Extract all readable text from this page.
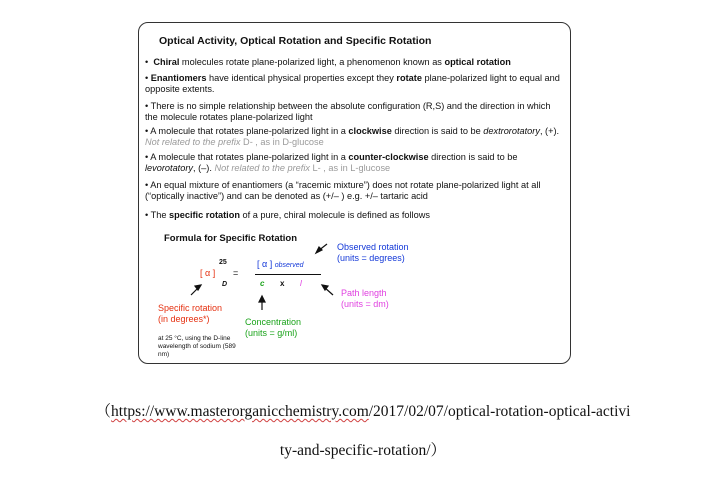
Optical Activity, Optical Rotation and Specific Rotation
• Chiral molecules rotate plane-polarized light, a phenomenon known as optical rotation
• Enantiomers have identical physical properties except they rotate plane-polarized light to equal and opposite extents.
• There is no simple relationship between the absolute configuration (R,S) and the direction in which the molecule rotates plane-polarized light
• A molecule that rotates plane-polarized light in a clockwise direction is said to be dextrorotatory, (+). Not related to the prefix D- , as in D-glucose
• A molecule that rotates plane-polarized light in a counter-clockwise direction is said to be levorotatory, (–). Not related to the prefix L- , as in L-glucose
• An equal mixture of enantiomers (a “racemic mixture”) does not rotate plane-polarized light at all (“optically inactive”) and can be denoted as (+/– ) e.g. +/– tartaric acid
• The specific rotation of a pure, chiral molecule is defined as follows
Formula for Specific Rotation
[ α ]
25
D
=
[ α ] observed
c x l
Observed rotation
(units = degrees)
Path length
(units = dm)
Concentration
(units = g/ml)
Specific rotation
(in degrees*)
at 25 °C, using the D-line wavelength of sodium (589 nm)
（https://www.masterorganicchemistry.com/2017/02/07/optical-rotation-optical-activi
ty-and-specific-rotation/）
